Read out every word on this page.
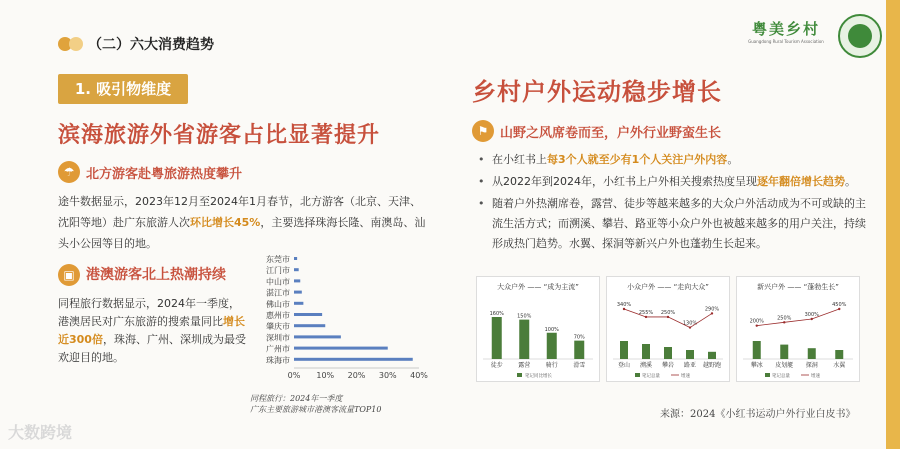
（二）六大消费趋势
粤美乡村
Guangdong Rural Tourism Association
1. 吸引物维度
滨海旅游外省游客占比显著提升
☂ 北方游客赴粤旅游热度攀升
途牛数据显示，2023年12月至2024年1月春节，北方游客（北京、天津、沈阳等地）赴广东旅游人次环比增长45%，主要选择珠海长隆、南澳岛、汕头小公园等目的地。
▣ 港澳游客北上热潮持续
同程旅行数据显示，2024年一季度，港澳居民对广东旅游的搜索量同比增长近300倍，珠海、广州、深圳成为最受欢迎目的地。
东莞市
江门市
中山市
湛江市
佛山市
惠州市
肇庆市
深圳市
广州市
珠海市
0% 10% 20% 30% 40%
同程旅行：2024年一季度
广东主要旅游城市港澳客流量TOP10
乡村户外运动稳步增长
⚑ 山野之风席卷而至，户外行业野蛮生长
• 在小红书上每3个人就至少有1个人关注户外内容。
• 从2022年到2024年，小红书上户外相关搜索热度呈现逐年翻倍增长趋势。
• 随着户外热潮席卷，露营、徒步等越来越多的大众户外活动成为不可或缺的主流生活方式；而溯溪、攀岩、路亚等小众户外也被越来越多的用户关注，持续形成热门趋势。水翼、探洞等新兴户外也蓬勃生长起来。
大众户外 —— “成为主流”
160%
徒步
150%
露营
100%
骑行
70%
滑雪
笔记同比增长
小众户外 —— “走向大众”
340%
登山
255%
溯溪
250%
攀岩
130%
路亚
290%
越野跑
笔记总量	增速
新兴户外 —— “蓬勃生长”
200%
攀冰
250%
皮划艇
300%
探洞
450%
水翼
笔记总量	增速
来源：2024《小红书运动户外行业白皮书》
大数跨境
